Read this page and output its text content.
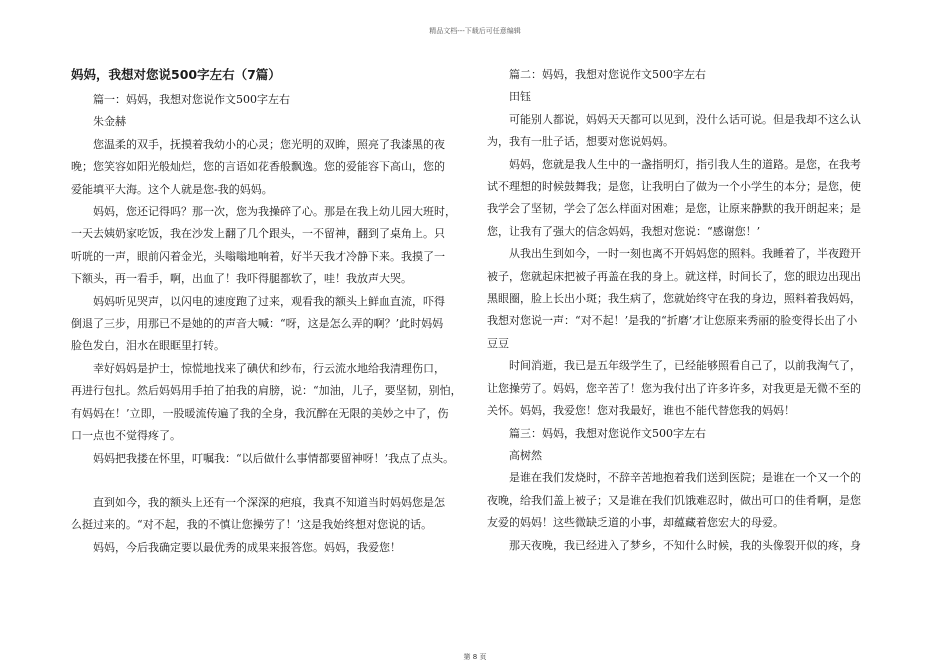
精品文档---下载后可任意编辑
妈妈，我想对您说500字左右（7篇）

篇一：妈妈，我想对您说作文500字左右

朱金赫

您温柔的双手，抚摸着我幼小的心灵；您光明的双眸，照亮了我漆黑的夜

晚；您笑容如阳光般灿烂，您的言语如花香般飘逸。您的爱能容下高山，您的

爱能填平大海。这个人就是您-我的妈妈。

妈妈，您还记得吗？那一次，您为我操碎了心。那是在我上幼儿园大班时，

一天去姨奶家吃饭，我在沙发上翻了几个跟头，一不留神，翻到了桌角上。只

听咣的一声，眼前闪着金光，头嗡嗡地响着，好半天我才冷静下来。我摸了一

下额头，再一看手，啊，出血了！我吓得腿都软了，哇！我放声大哭。

妈妈听见哭声，以闪电的速度跑了过来，观看我的额头上鲜血直流，吓得

倒退了三步，用那已不是她的的声音大喊：“呀，这是怎么弄的啊？’此时妈妈

脸色发白，泪水在眼眶里打转。

幸好妈妈是护士，惊慌地找来了碘伏和纱布，行云流水地给我清理伤口，

再进行包扎。然后妈妈用手拍了拍我的肩膀，说：“加油，儿子，要坚韧，别怕，

有妈妈在！’立即，一股暖流传遍了我的全身，我沉醉在无限的美妙之中了，伤

口一点也不觉得疼了。

妈妈把我搂在怀里，叮嘱我：“以后做什么事情都要留神呀！’我点了点头。

直到如今，我的额头上还有一个深深的疤痕，我真不知道当时妈妈您是怎

么挺过来的。“对不起，我的不慎让您操劳了！’这是我始终想对您说的话。

妈妈，今后我确定要以最优秀的成果来报答您。妈妈，我爱您！

篇二：妈妈，我想对您说作文500字左右

田钰

可能别人都说，妈妈天天都可以见到，没什么话可说。但是我却不这么认

为，我有一肚子话，想要对您说妈妈。

妈妈，您就是我人生中的一盏指明灯，指引我人生的道路。是您，在我考

试不理想的时候鼓舞我；是您，让我明白了做为一个小学生的本分；是您，使

我学会了坚韧，学会了怎么样面对困难；是您，让原来静默的我开朗起来；是

您，让我有了强大的信念妈妈，我想对您说：“感谢您！’

从我出生到如今，一时一刻也离不开妈妈您的照料。我睡着了，半夜蹬开

被子，您就起床把被子再盖在我的身上。就这样，时间长了，您的眼边出现出

黑眼圈，脸上长出小斑；我生病了，您就始终守在我的身边，照料着我妈妈，

我想对您说一声：“对不起！’是我的“折磨’才让您原来秀丽的脸变得长出了小

豆豆

时间消逝，我已是五年级学生了，已经能够照看自己了，以前我淘气了，

让您操劳了。妈妈，您辛苦了！您为我付出了许多许多，对我更是无微不至的

关怀。妈妈，我爱您！您对我最好，谁也不能代替您我的妈妈！

篇三：妈妈，我想对您说作文500字左右

高树然

是谁在我们发烧时，不辞辛苦地抱着我们送到医院；是谁在一个又一个的

夜晚，给我们盖上被子；又是谁在我们饥饿难忍时，做出可口的佳肴啊，是您

友爱的妈妈！这些微缺乏道的小事，却蕴藏着您宏大的母爱。

那天夜晚，我已经进入了梦乡，不知什么时候，我的头像裂开似的疼，身

第 8 页
